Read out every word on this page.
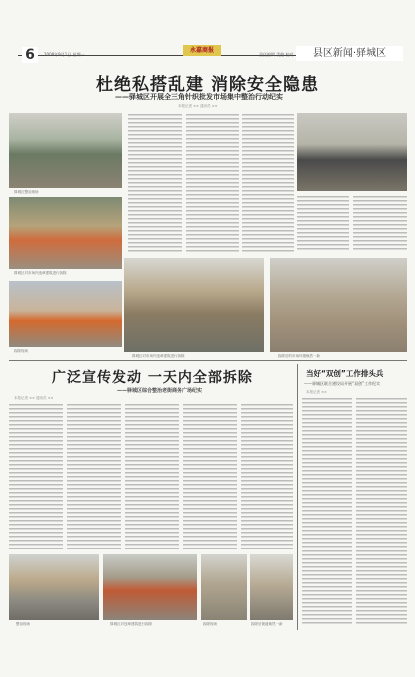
6	2008年9月1日 星期一
永嘉商报
责任编辑 美编 校对	县区新闻·驿城区
杜绝私搭乱建 消除安全隐患
——驿城区开展全三角针织批发市场集中整治行动纪实
本报记者 ×× 通讯员 ××
驿城区整治现场
驿城区对市场内违章建筑进行拆除
拆除现场
驿城区对市场内违章建筑进行拆除	拆除后的市场环境焕然一新
广泛宣传发动 一天内全部拆除
——驿城区综合整治老街商务广场纪实
本报记者 ×× 通讯员 ××
当好“双创”工作排头兵
——驿城区联合建设局开展“双创”工作纪实
本报记者 ××
整治现场	驿城区对违章建筑进行拆除	拆除现场	拆除后街道焕然一新
